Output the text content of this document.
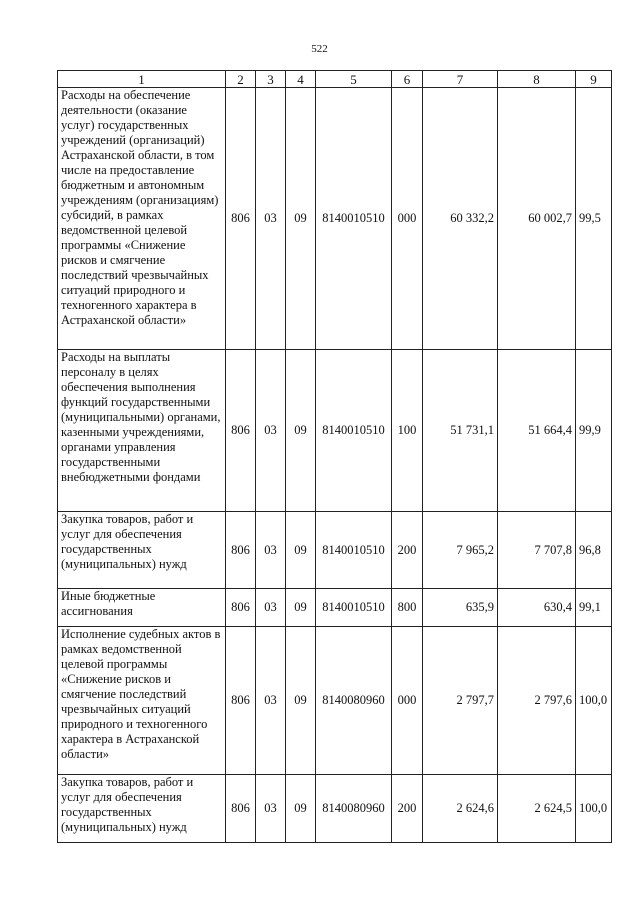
522
1	2	3	4	5	6	7	8	9
Расходы на обеспечение деятельности (оказание услуг) государственных учреждений (организаций) Астраханской области, в том числе на предоставление бюджетным и автономным учреждениям (организациям) субсидий, в рамках ведомственной целевой программы «Снижение рисков и смягчение последствий чрезвычайных ситуаций природного и техногенного характера в Астраханской области»	806	03	09	8140010510	000	60 332,2	60 002,7	99,5
Расходы на выплаты персоналу в целях обеспечения выполнения функций государственными (муниципальными) органами, казенными учреждениями, органами управления государственными внебюджетными фондами	806	03	09	8140010510	100	51 731,1	51 664,4	99,9
Закупка товаров, работ и услуг для обеспечения государственных (муниципальных) нужд	806	03	09	8140010510	200	7 965,2	7 707,8	96,8
Иные бюджетные ассигнования	806	03	09	8140010510	800	635,9	630,4	99,1
Исполнение судебных актов в рамках ведомственной целевой программы «Снижение рисков и смягчение последствий чрезвычайных ситуаций природного и техногенного характера в Астраханской области»	806	03	09	8140080960	000	2 797,7	2 797,6	100,0
Закупка товаров, работ и услуг для обеспечения государственных (муниципальных) нужд	806	03	09	8140080960	200	2 624,6	2 624,5	100,0
